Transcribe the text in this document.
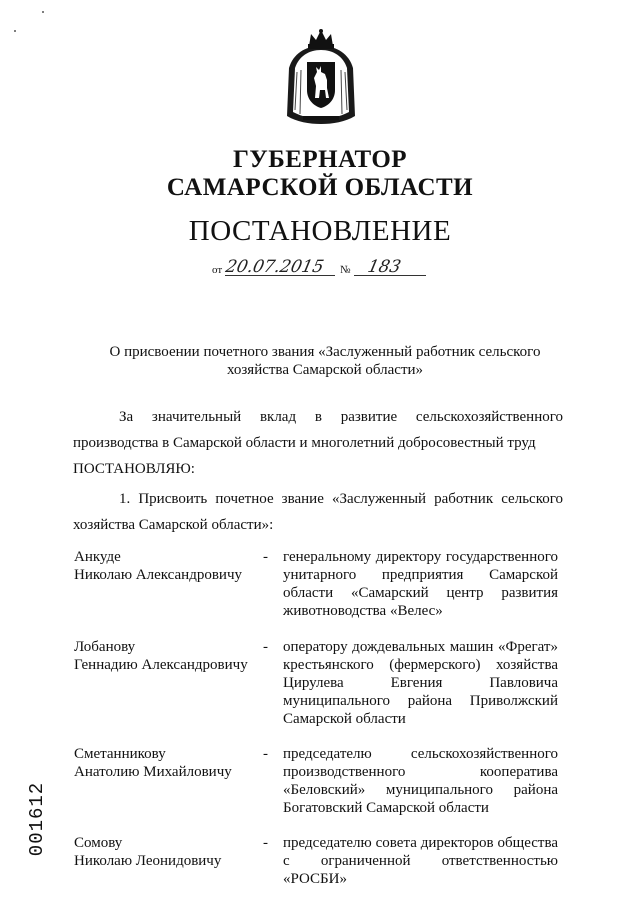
ГУБЕРНАТОР
САМАРСКОЙ ОБЛАСТИ
ПОСТАНОВЛЕНИЕ
от 20.07.2015 № 183
О присвоении почетного звания «Заслуженный работник сельского хозяйства Самарской области»
За значительный вклад в развитие сельскохозяйственного производства в Самарской области и многолетний добросовестный труд
ПОСТАНОВЛЯЮ:
1. Присвоить почетное звание «Заслуженный работник сельского хозяйства Самарской области»:
Анкуде
Николаю Александровичу
- генеральному директору государственного унитарного предприятия Самарской области «Самарский центр развития животноводства «Велес»
Лобанову
Геннадию Александровичу
- оператору дождевальных машин «Фрегат» крестьянского (фермерского) хозяйства Цирулева Евгения Павловича муниципального района Приволжский Самарской области
Сметанникову
Анатолию Михайловичу
- председателю сельскохозяйственного производственного кооператива «Беловский» муниципального района Богатовский Самарской области
Сомову
Николаю Леонидовичу
- председателю совета директоров общества с ограниченной ответственностью «РОСБИ»
001612
